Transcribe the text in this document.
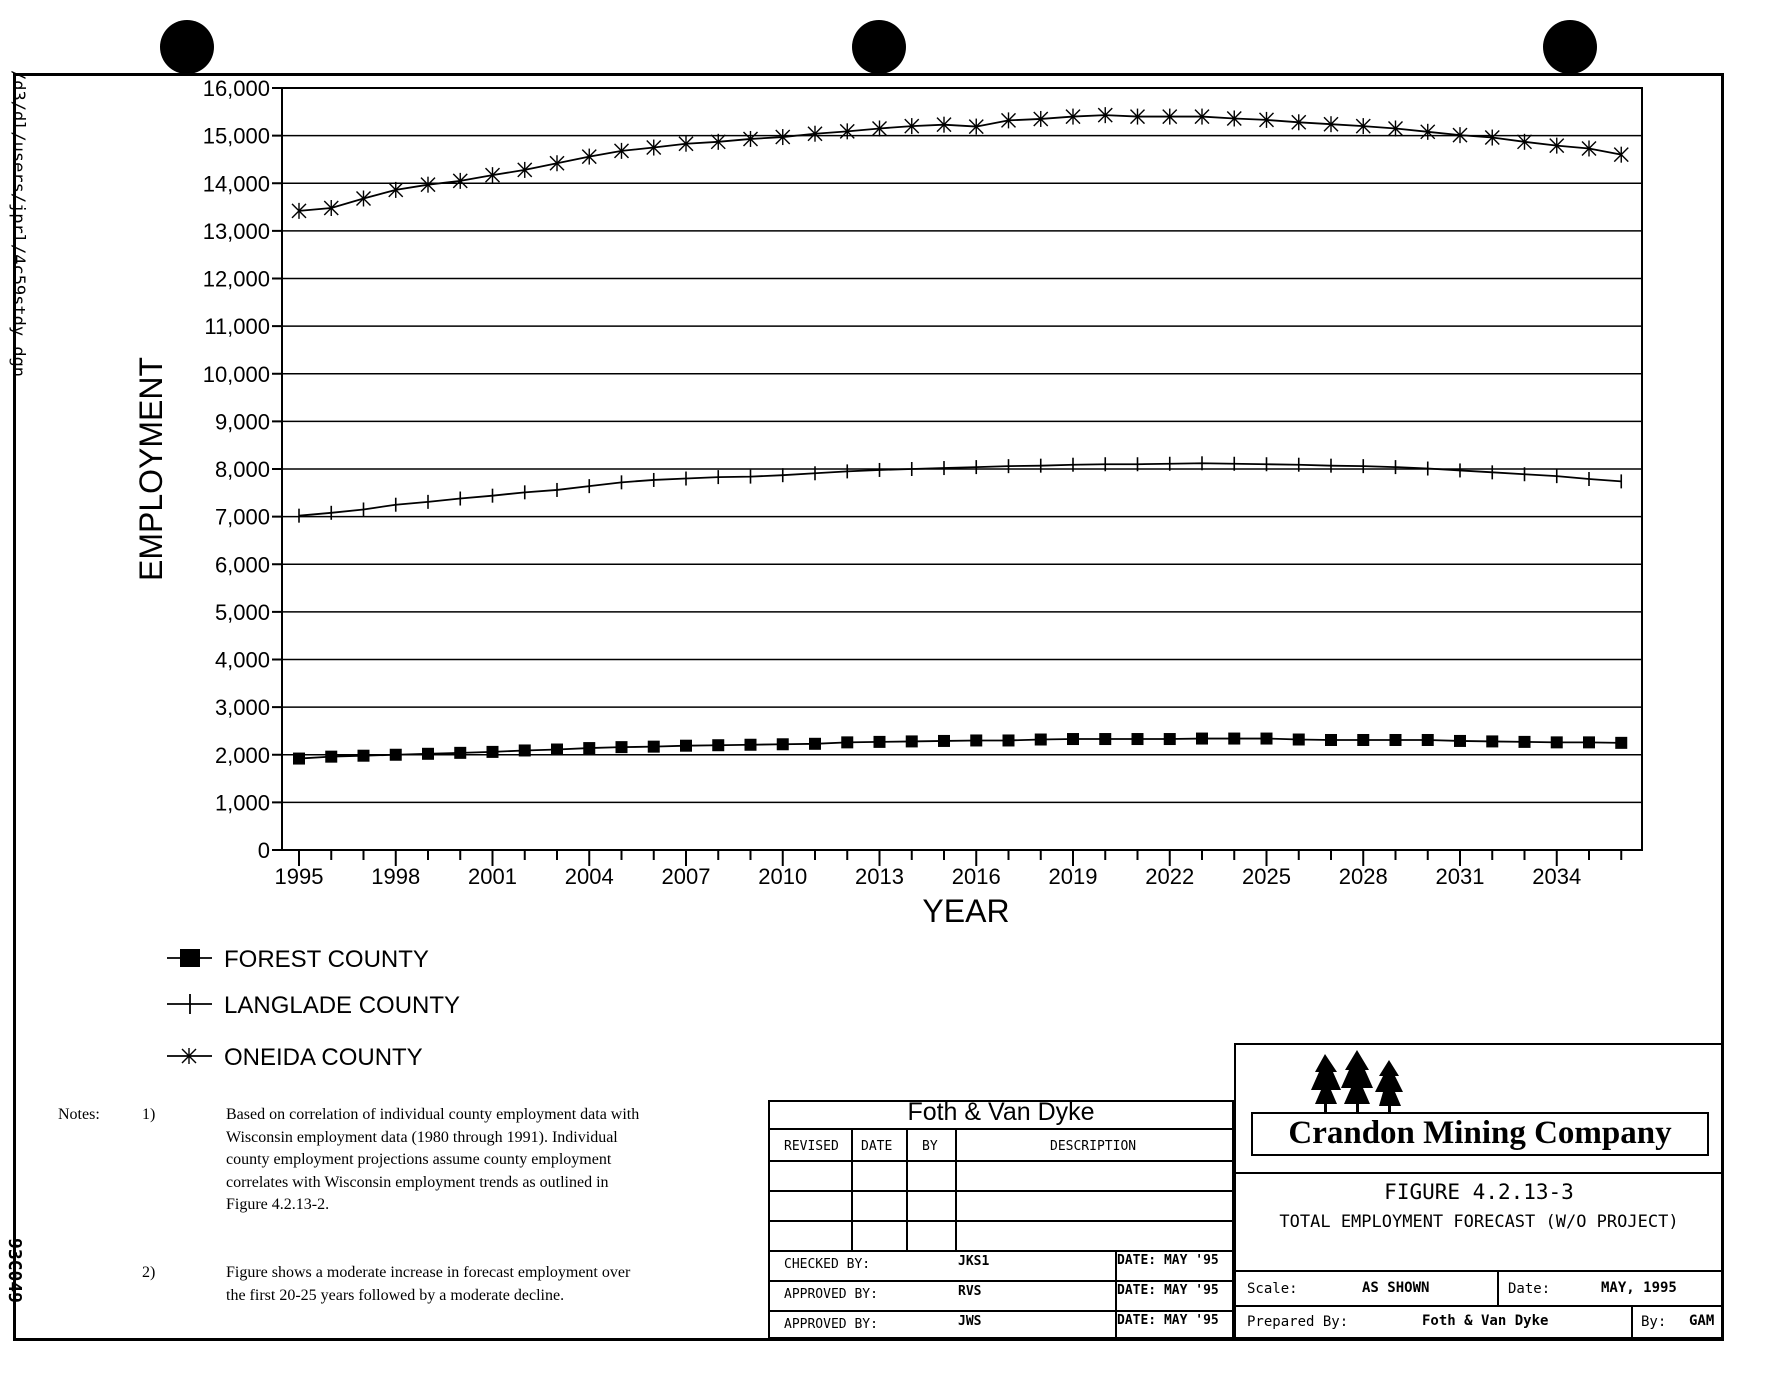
/d3/dl/users/jprl/4c59stdy.dgn
93C049
0
1,000
2,000
3,000
4,000
5,000
6,000
7,000
8,000
9,000
10,000
11,000
12,000
13,000
14,000
15,000
16,000
1995 1998 2001 2004 2007 2010 2013 2016 2019 2022 2025 2028 2031 2034
EMPLOYMENT
YEAR
FOREST COUNTY
LANGLADE COUNTY
ONEIDA COUNTY
Notes:	1)	Based on correlation of individual county employment data with Wisconsin employment data (1980 through 1991). Individual county employment projections assume county employment correlates with Wisconsin employment trends as outlined in Figure 4.2.13-2.
2)	Figure shows a moderate increase in forecast employment over the first 20-25 years followed by a moderate decline.
Foth & Van Dyke
REVISED DATE BY	DESCRIPTION
CHECKED BY:	JKS1	DATE: MAY '95
APPROVED BY:	RVS	DATE: MAY '95
APPROVED BY:	JWS	DATE: MAY '95
Crandon Mining Company
FIGURE 4.2.13-3
TOTAL EMPLOYMENT FORECAST (W/O PROJECT)
Scale:	AS SHOWN	Date:	MAY, 1995
Prepared By:	Foth & Van Dyke	By: GAM
